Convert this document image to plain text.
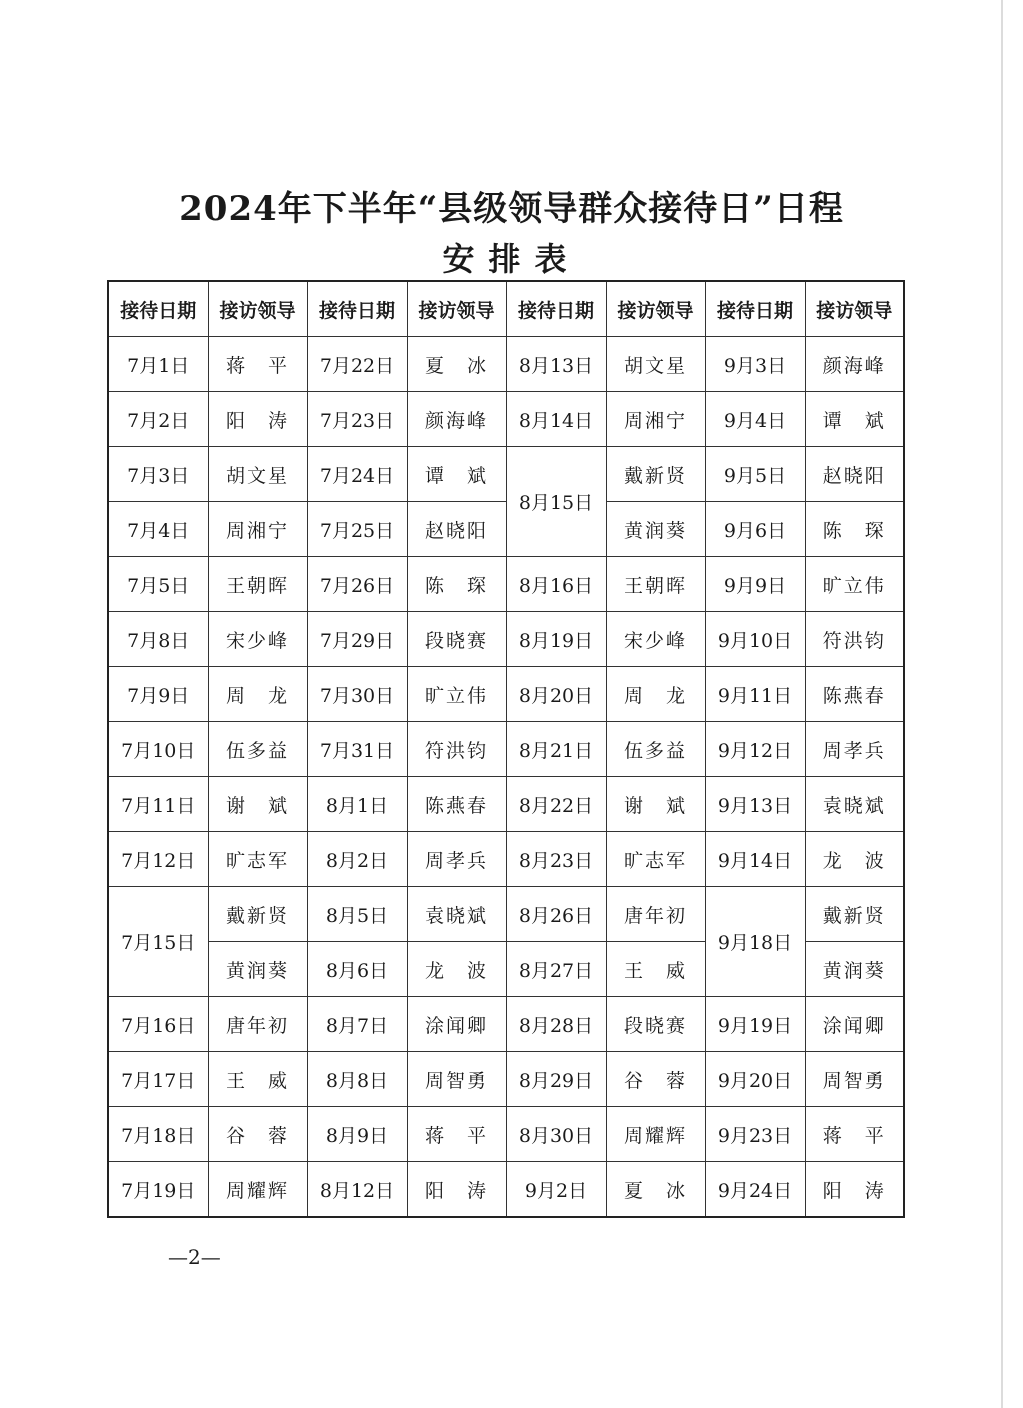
2024年下半年“县级领导群众接待日”日程
安排表
接待日期	接访领导	接待日期	接访领导	接待日期	接访领导	接待日期	接访领导
7月1日	蒋　平	7月22日	夏　冰	8月13日	胡文星	9月3日	颜海峰
7月2日	阳　涛	7月23日	颜海峰	8月14日	周湘宁	9月4日	谭　斌
7月3日	胡文星	7月24日	谭　斌	8月15日	戴新贤	9月5日	赵晓阳
7月4日	周湘宁	7月25日	赵晓阳		黄润葵	9月6日	陈　琛
7月5日	王朝晖	7月26日	陈　琛	8月16日	王朝晖	9月9日	旷立伟
7月8日	宋少峰	7月29日	段晓赛	8月19日	宋少峰	9月10日	符洪钧
7月9日	周　龙	7月30日	旷立伟	8月20日	周　龙	9月11日	陈燕春
7月10日	伍多益	7月31日	符洪钧	8月21日	伍多益	9月12日	周孝兵
7月11日	谢　斌	8月1日	陈燕春	8月22日	谢　斌	9月13日	袁晓斌
7月12日	旷志军	8月2日	周孝兵	8月23日	旷志军	9月14日	龙　波
7月15日	戴新贤	8月5日	袁晓斌	8月26日	唐年初	9月18日	戴新贤
	黄润葵	8月6日	龙　波	8月27日	王　威		黄润葵
7月16日	唐年初	8月7日	涂闻卿	8月28日	段晓赛	9月19日	涂闻卿
7月17日	王　威	8月8日	周智勇	8月29日	谷　蓉	9月20日	周智勇
7月18日	谷　蓉	8月9日	蒋　平	8月30日	周耀辉	9月23日	蒋　平
7月19日	周耀辉	8月12日	阳　涛	9月2日	夏　冰	9月24日	阳　涛
—2—
